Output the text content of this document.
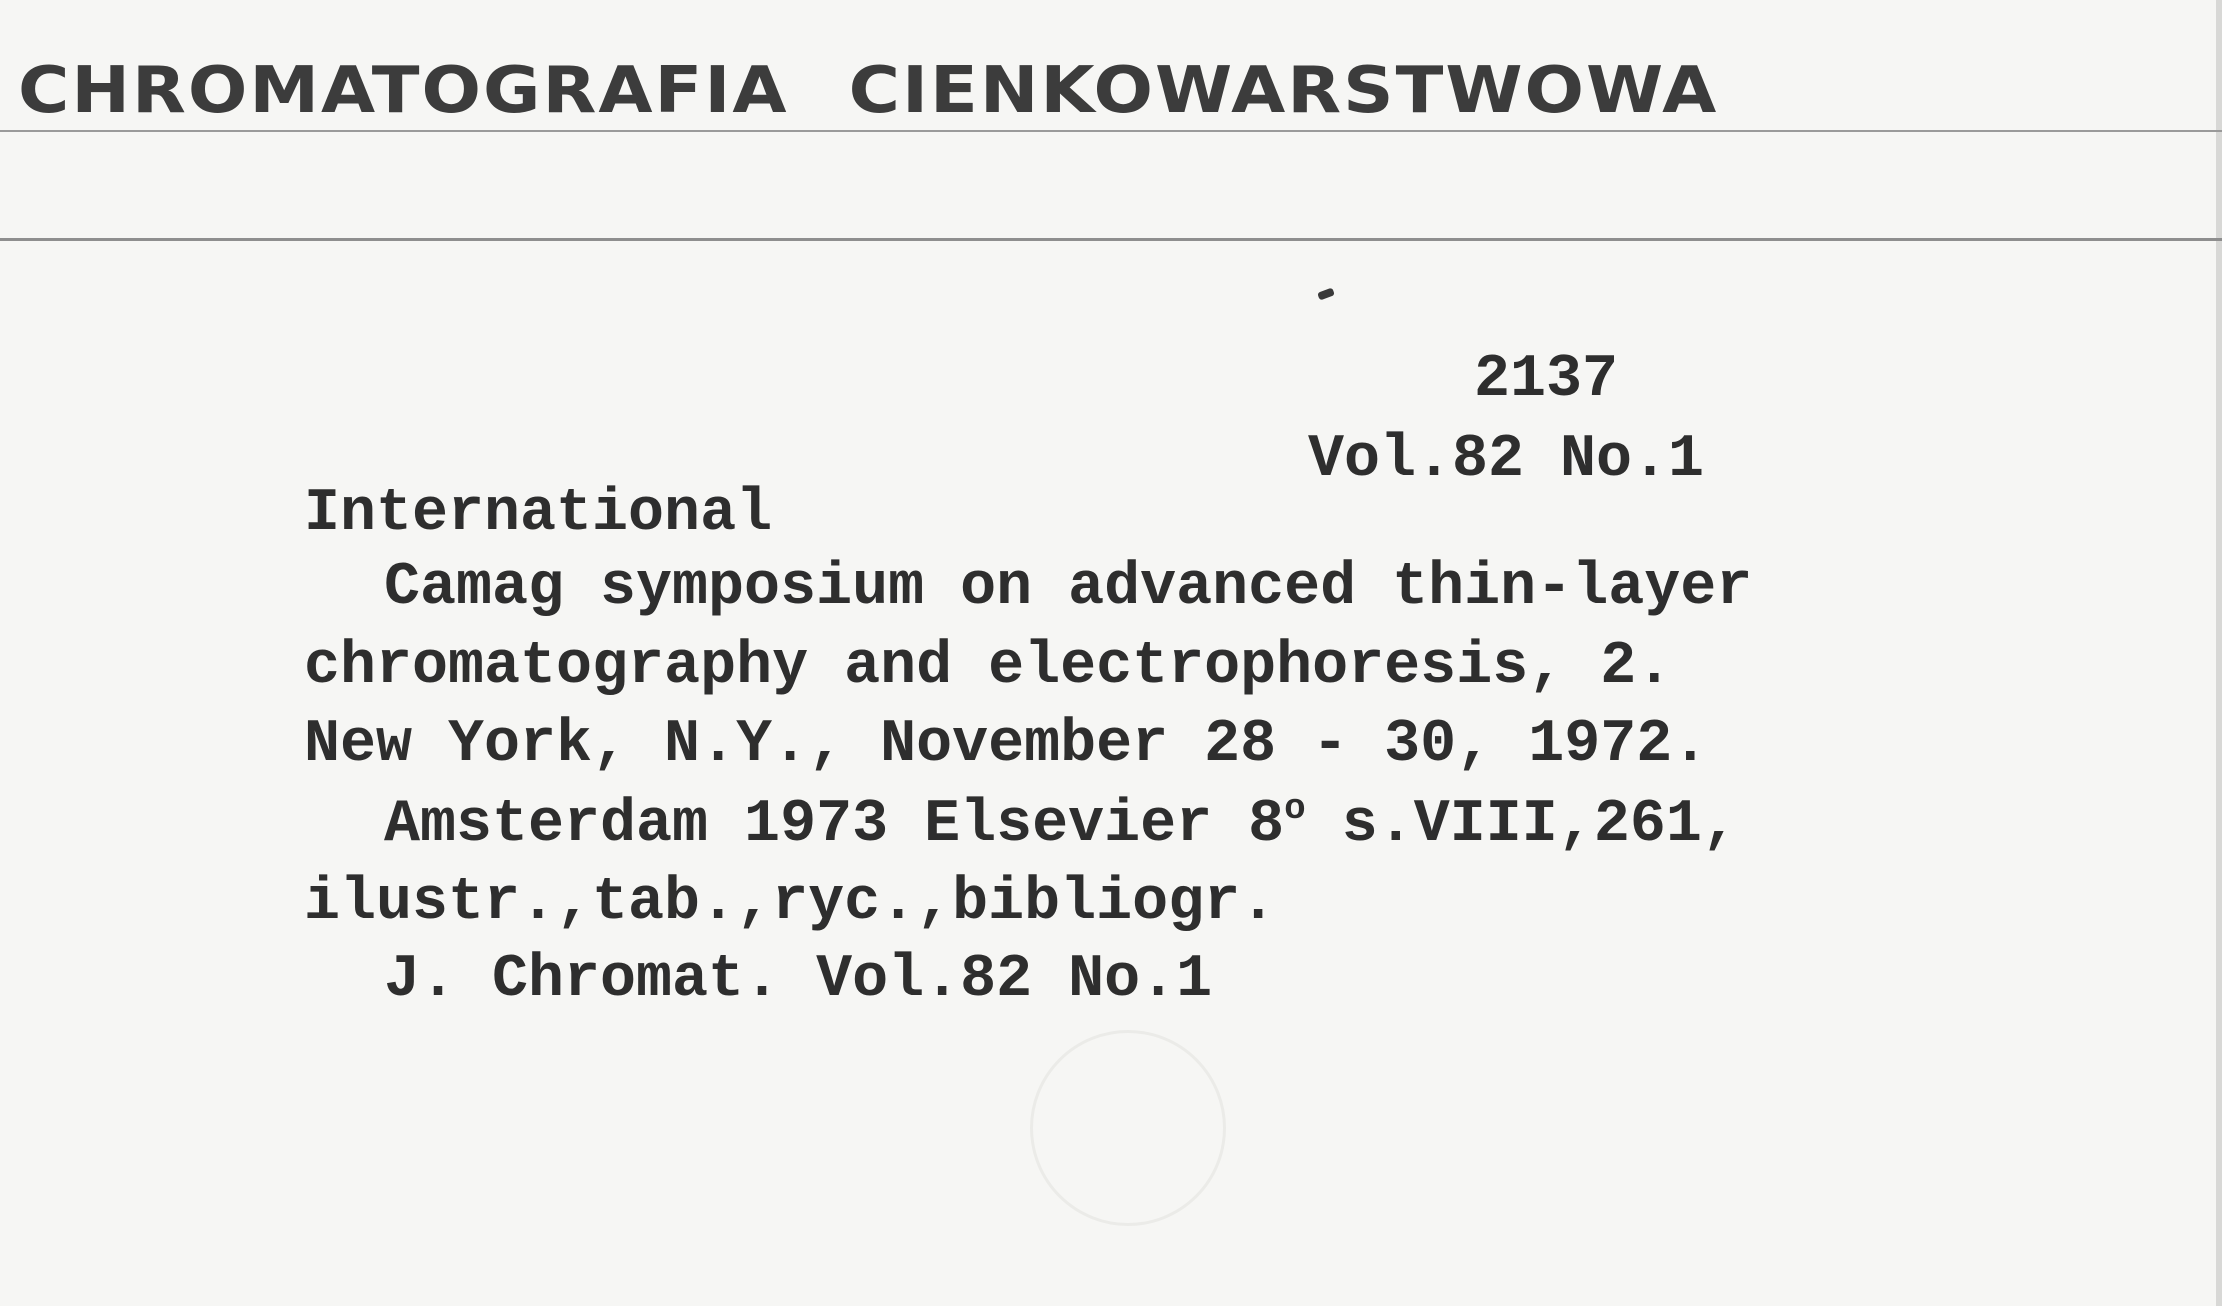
CHROMATOGRAFIA CIENKOWARSTWOWA
2137
Vol.82 No.1
International
Camag symposium on advanced thin-layer
chromatography and electrophoresis, 2.
New York, N.Y., November 28 - 30, 1972.
Amsterdam 1973 Elsevier 8$^o$ s.VIII,261,
ilustr.,tab.,ryc.,bibliogr.
J. Chromat. Vol.82 No.1
